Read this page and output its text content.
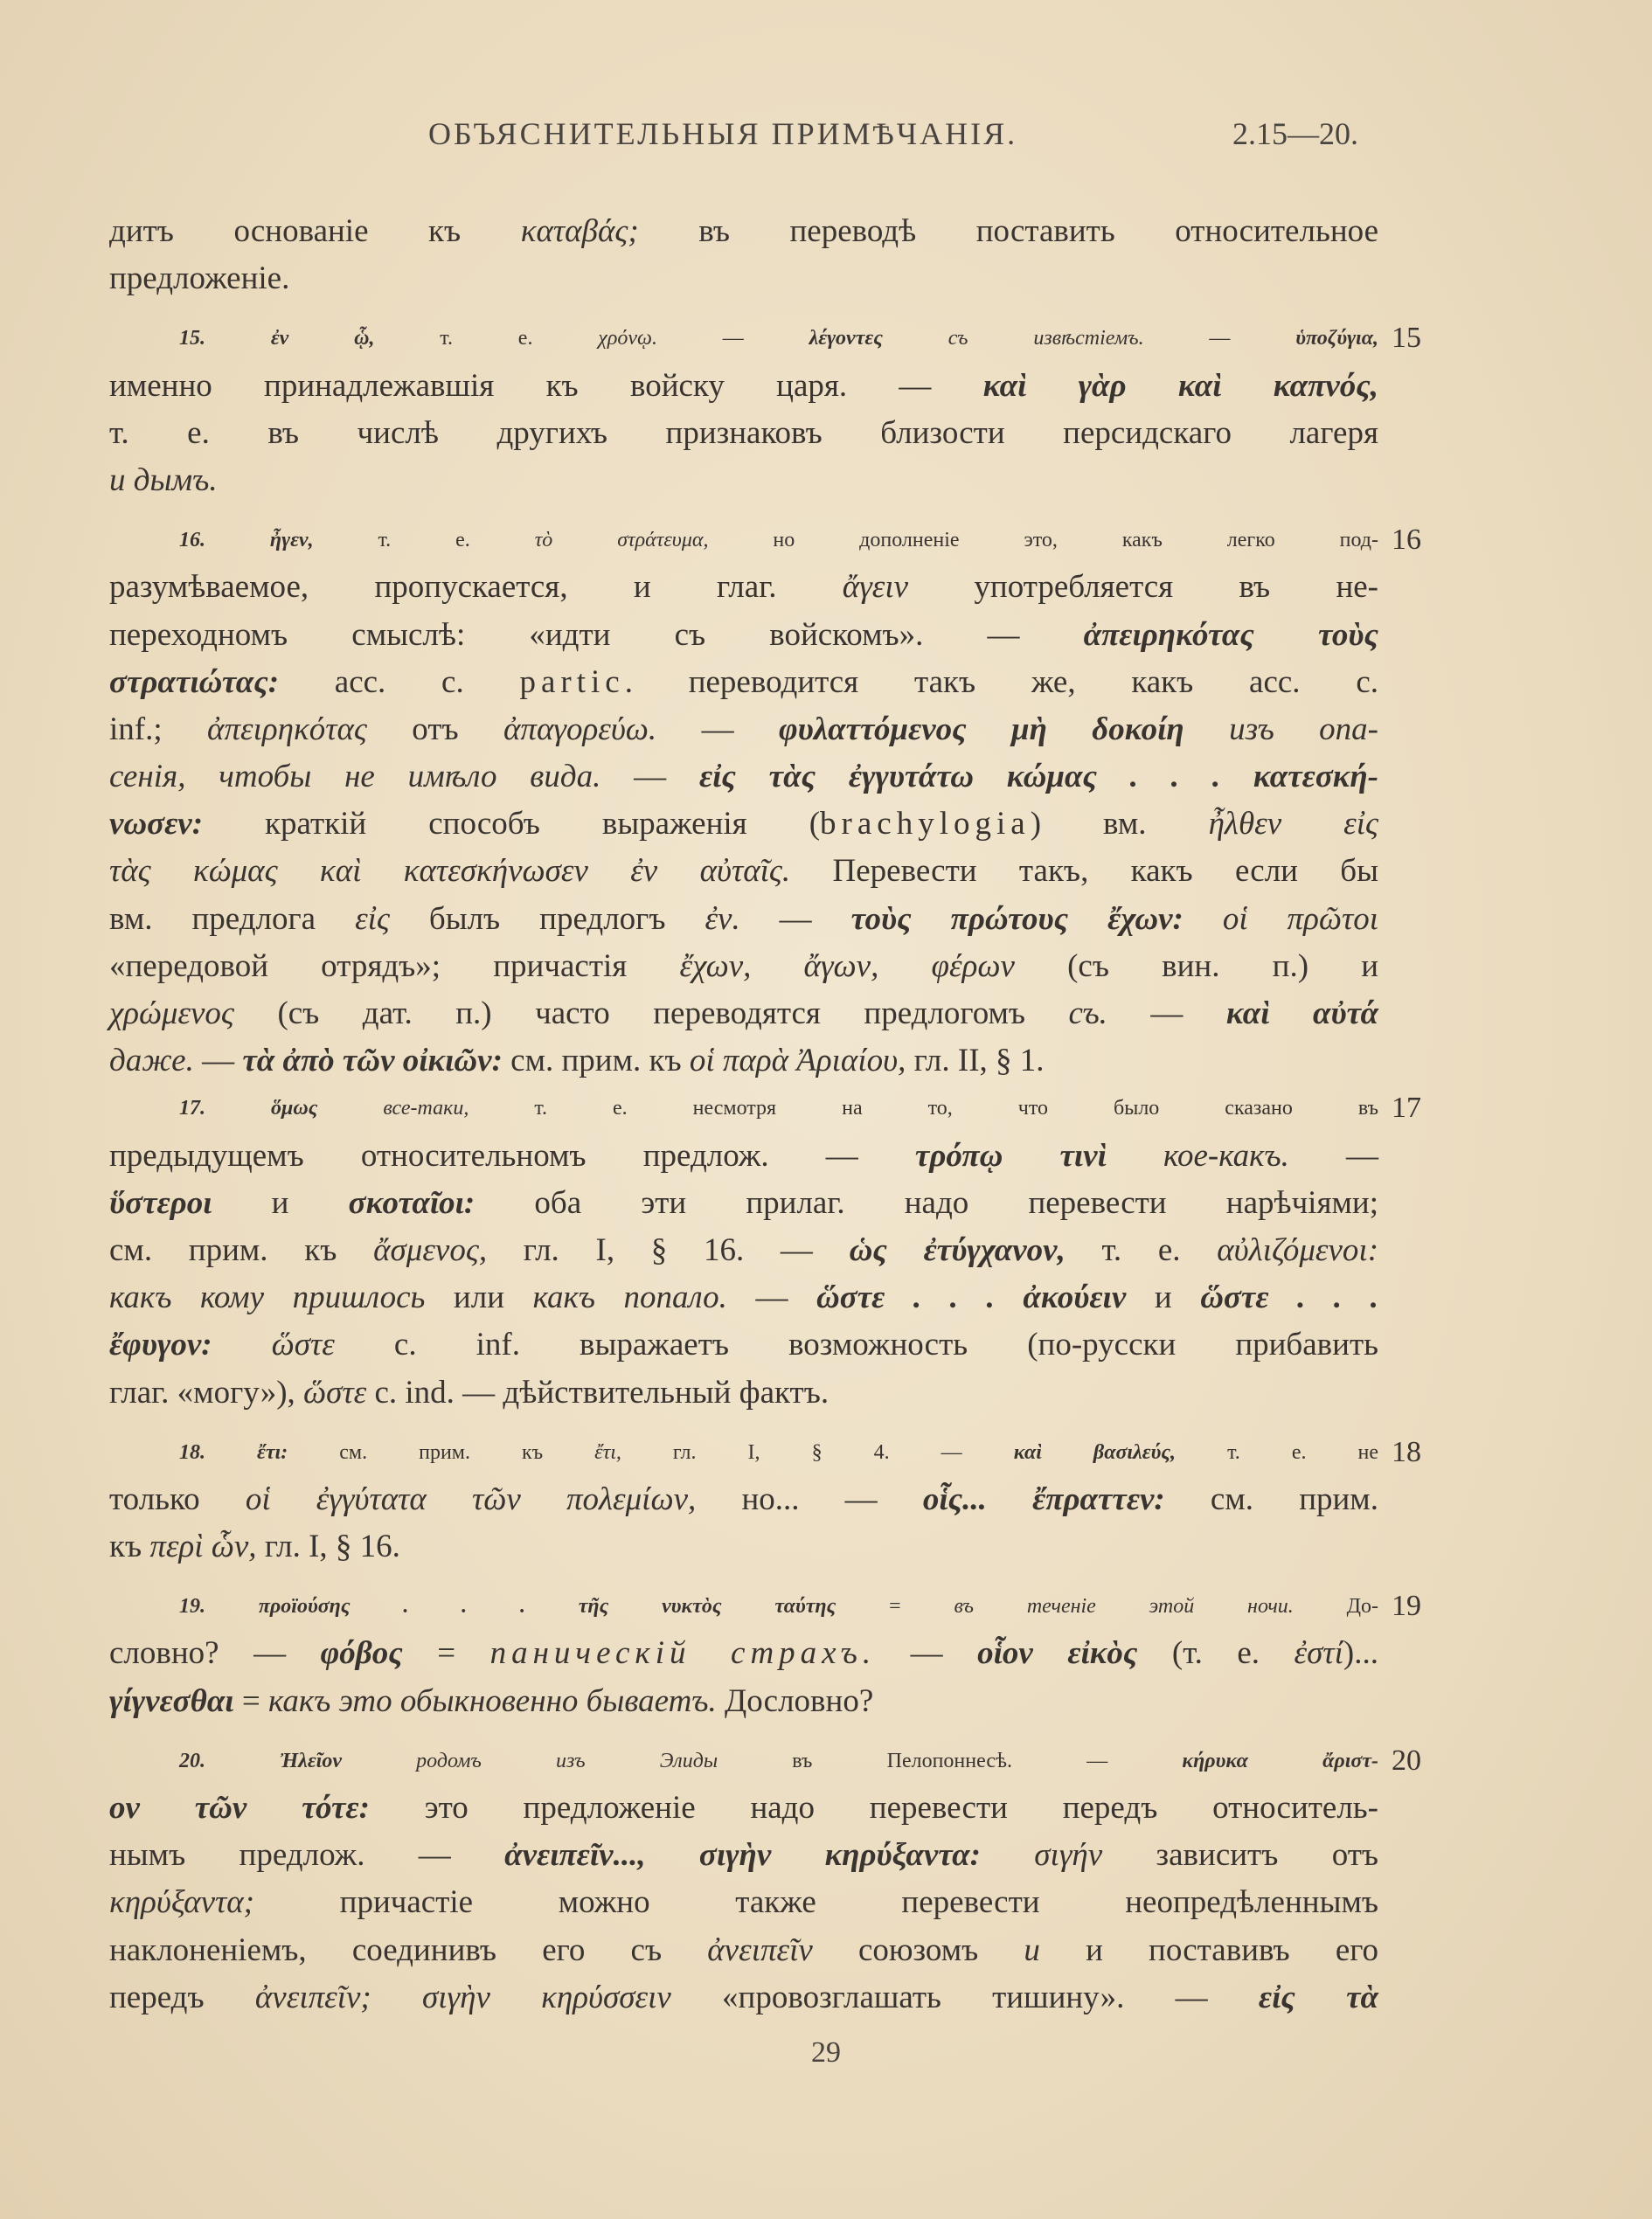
ОБЪЯСНИТЕЛЬНЫЯ ПРИМѢЧАНІЯ.	2.15—20.
дитъ основаніе къ καταβάς; въ переводѣ поставить относительное
предложеніе.
15. ἐν ᾧ, т. е. χρόνῳ. — λέγοντες	съ извѣстіемъ. — ὑποζύγια, 15
именно принадлежавшія къ войску царя. — καὶ γὰρ καὶ καπνός,
т. е. въ числѣ другихъ признаковъ близости персидскаго лагеря
и дымъ.
16. ἦγεν, т. е. τὸ στράτευμα, но дополненіе это, какъ легко под- 16
разумѣваемое, пропускается, и глаг. ἄγειν употребляется въ не-
переходномъ смыслѣ: «идти съ войскомъ». — ἀπειρηκότας τοὺς
στρατιώτας: асс. с. partic. переводится такъ же, какъ асс. с.
inf.; ἀπειρηκότας отъ ἀπαγορεύω. — φυλαττόμενος μὴ δοκοίη изъ опа-
сенія, чтобы не имѣло вида. — εἰς τὰς ἐγγυτάτω κώμας . . . κατεσκή-
νωσεν: краткій способъ выраженія (brachylogia) вм. ἦλθεν εἰς
τὰς κώμας καὶ κατεσκήνωσεν ἐν αὐταῖς. Перевести такъ, какъ если бы
вм. предлога εἰς былъ предлогъ ἐν. — τοὺς πρώτους ἔχων: οἱ πρῶτοι
«передовой отрядъ»; причастія ἔχων, ἄγων, φέρων (съ вин. п.) и
χρώμενος (съ дат. п.) часто переводятся предлогомъ съ. — καὶ αὐτά
даже. — τὰ ἀπὸ τῶν οἰκιῶν: см. прим. къ οἱ παρὰ Ἀριαίου, гл. II, § 1.
17. ὅμως	все-таки, т. е. несмотря на то, что было сказано въ 17
предыдущемъ относительномъ предлож. — τρόπῳ τινὶ кое-какъ. —
ὕστεροι и σκοταῖοι: оба эти прилаг. надо перевести нарѣчіями;
см. прим. къ ἄσμενος, гл. I, § 16. — ὡς ἐτύγχανον, т. е. αὐλιζόμενοι:
какъ кому пришлось или какъ попало. — ὥστε . . . ἀκούειν и ὥστε . . .
ἔφυγον: ὥστε c. inf. выражаетъ возможность (по-русски прибавить
глаг. «могу»), ὥστε c. ind. — дѣйствительный фактъ.
18. ἔτι: см. прим. къ ἔτι, гл. I, § 4. — καὶ βασιλεύς, т. е. не 18
только οἱ ἐγγύτατα τῶν πολεμίων, но... — οἷς... ἔπραττεν: см. прим.
къ περὶ ὧν, гл. I, § 16.
19. προϊούσης . . . τῆς νυκτὸς ταύτης = въ теченіе этой ночи. До- 19
словно? — φόβος = паническій страхъ. — οἷον εἰκὸς (т. е. ἐστί)...
γίγνεσθαι = какъ это обыкновенно бываетъ. Дословно?
20. Ἠλεῖον	родомъ изъ Элиды въ Пелопоннесѣ. — κήρυκα ἄριστ- 20
ον τῶν τότε: это предложеніе надо перевести передъ относитель-
нымъ предлож. — ἀνειπεῖν..., σιγὴν κηρύξαντα: σιγήν зависитъ отъ
κηρύξαντα; причастіе можно также перевести неопредѣленнымъ
наклоненіемъ, соединивъ его съ ἀνειπεῖν союзомъ и и поставивъ его
передъ ἀνειπεῖν; σιγὴν κηρύσσειν «провозглашать тишину». — εἰς τὰ
29
